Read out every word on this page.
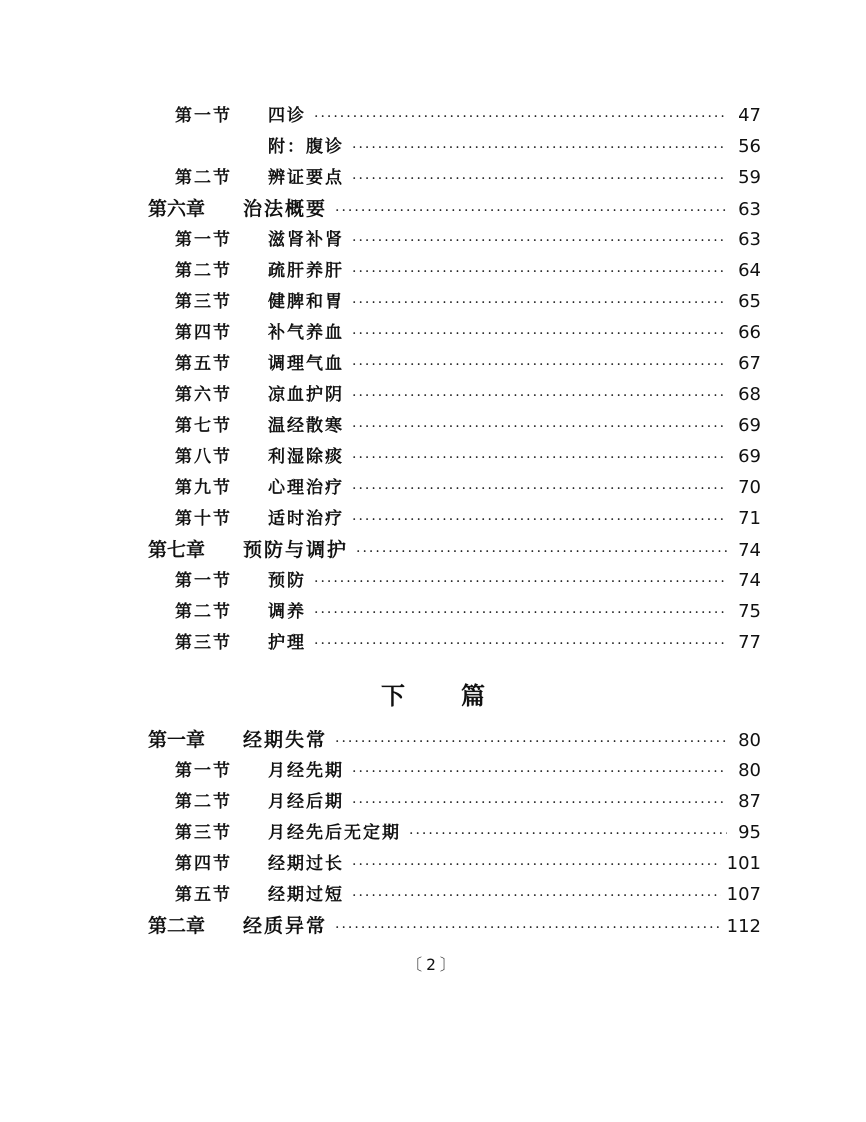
下 篇
〔2〕
第一节	四诊 ·····	47
附：腹诊 ·····	56
第二节	辨证要点 ·····	59
第六章	治法概要 ·····	63
第一节	滋肾补肾 ·····	63
第二节	疏肝养肝 ·····	64
第三节	健脾和胃 ·····	65
第四节	补气养血 ·····	66
第五节	调理气血 ·····	67
第六节	凉血护阴 ·····	68
第七节	温经散寒 ·····	69
第八节	利湿除痰 ·····	69
第九节	心理治疗 ·····	70
第十节	适时治疗 ·····	71
第七章	预防与调护 ·····	74
第一节	预防 ·····	74
第二节	调养 ·····	75
第三节	护理 ·····	77
第一章	经期失常 ·····	80
第一节	月经先期 ·····	80
第二节	月经后期 ·····	87
第三节	月经先后无定期 ·····	95
第四节	经期过长 ·····	101
第五节	经期过短 ·····	107
第二章	经质异常 ·····	112
